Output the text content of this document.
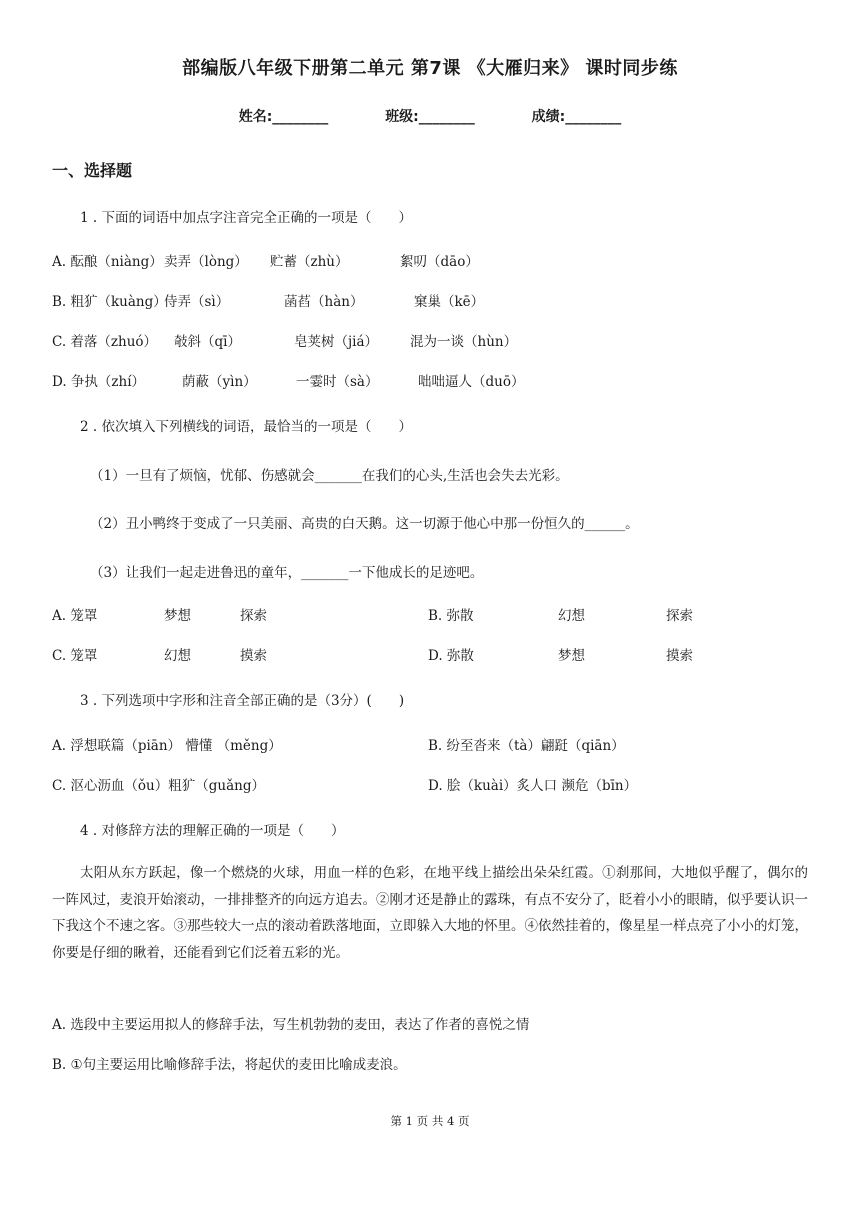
部编版八年级下册第二单元 第7课 《大雁归来》 课时同步练
姓名:________	班级:________	成绩:________
一、选择题
1 . 下面的词语中加点字注音完全正确的一项是（　　）
A. 酝酿（niàng）卖弄（lòng） 贮蓄（zhù）	絮叨（dāo）
B. 粗犷（kuàng）侍弄（sì）	菡萏（hàn）	窠巢（kē）
C. 着落（zhuó） 攲斜（qī）	皂荚树（jiá） 混为一谈（hùn）
D. 争执（zhí）	荫蔽（yìn）	一霎时（sà）	咄咄逼人（duō）
2 . 依次填入下列横线的词语，最恰当的一项是（　　）
（1）一旦有了烦恼，忧郁、伤感就会_______在我们的心头,生活也会失去光彩。
（2）丑小鸭终于变成了一只美丽、高贵的白天鹅。这一切源于他心中那一份恒久的______。
（3）让我们一起走进鲁迅的童年，_______一下他成长的足迹吧。
A. 笼罩	梦想	探索	B. 弥散	幻想	探索
C. 笼罩	幻想	摸索	D. 弥散	梦想	摸索
3 . 下列选项中字形和注音全部正确的是（3分）(　　)
A. 浮想联篇（piān） 懵懂 （měng）	B. 纷至沓来（tà）翩跹（qiān）
C. 沤心沥血（ǒu）粗犷（guǎng）	D. 脍（kuài）炙人口 濒危（bīn）
4 . 对修辞方法的理解正确的一项是（　　）
太阳从东方跃起，像一个燃烧的火球，用血一样的色彩，在地平线上描绘出朵朵红霞。①刹那间，大地似乎醒了，偶尔的一阵风过，麦浪开始滚动，一排排整齐的向远方追去。②刚才还是静止的露珠，有点不安分了，眨着小小的眼睛，似乎要认识一下我这个不速之客。③那些较大一点的滚动着跌落地面，立即躲入大地的怀里。④依然挂着的，像星星一样点亮了小小的灯笼，你要是仔细的瞅着，还能看到它们泛着五彩的光。
A. 选段中主要运用拟人的修辞手法，写生机勃勃的麦田，表达了作者的喜悦之情
B. ①句主要运用比喻修辞手法，将起伏的麦田比喻成麦浪。
第 1 页 共 4 页
